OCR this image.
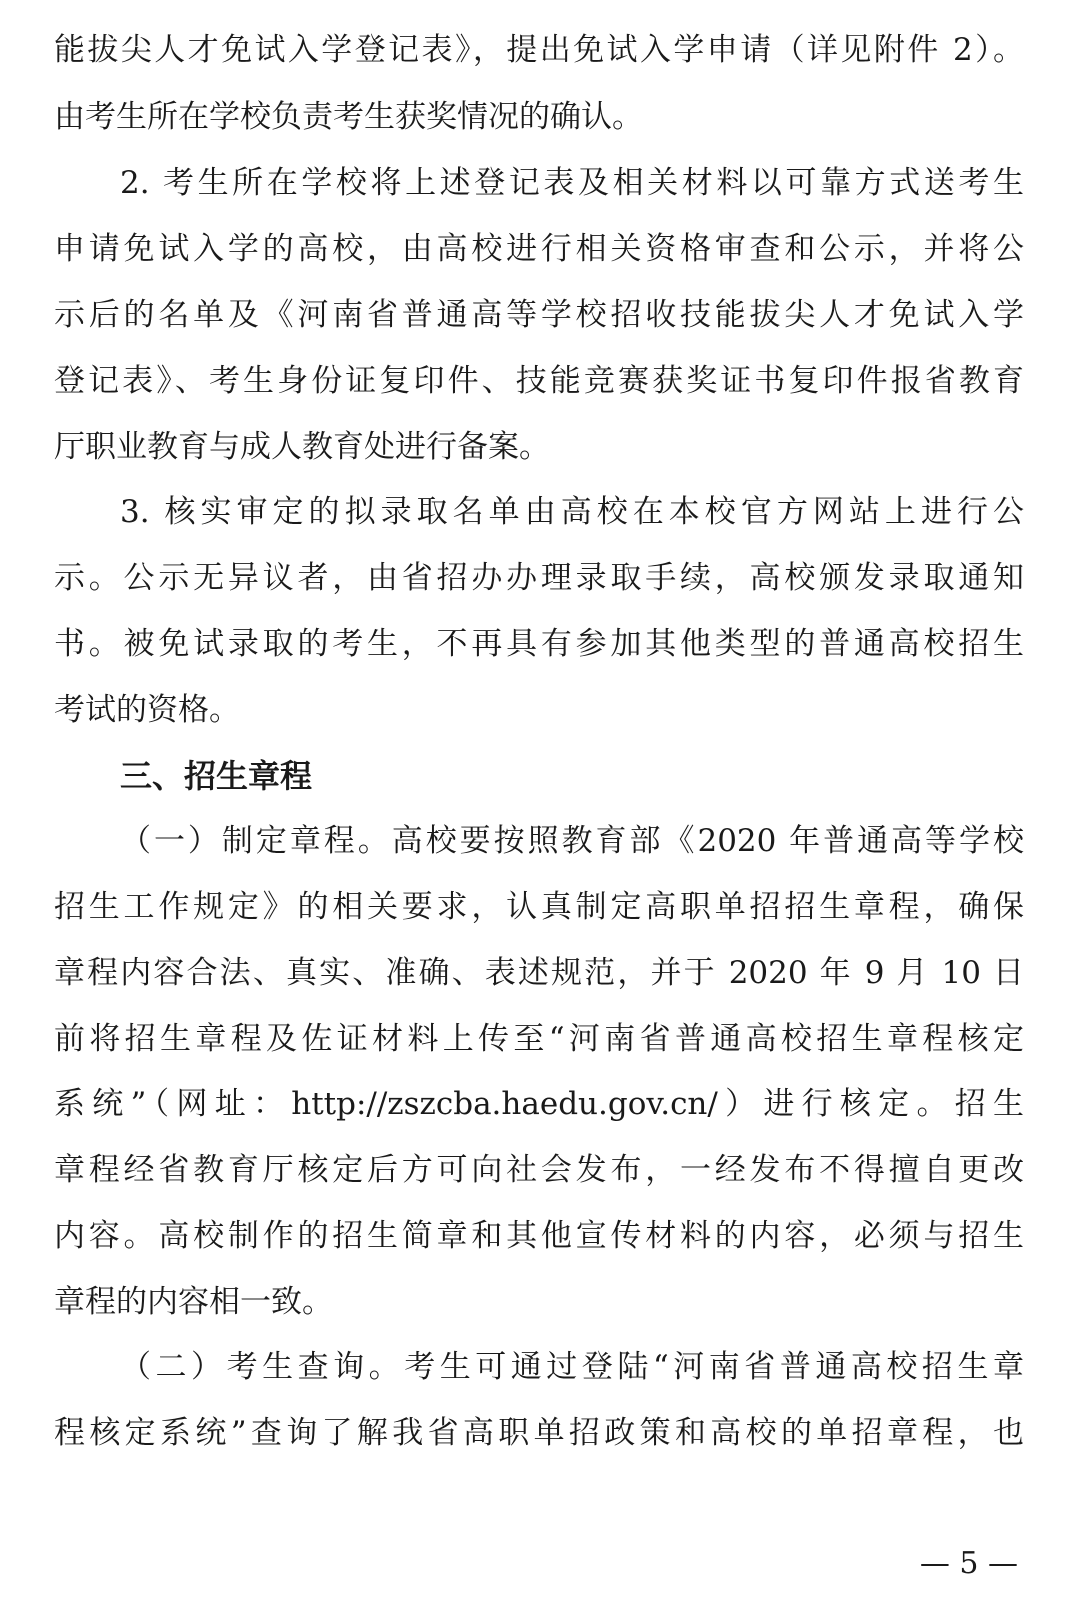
能拔尖人才免试入学登记表》，提出免试入学申请（详见附件 2）。
由考生所在学校负责考生获奖情况的确认。
2. 考生所在学校将上述登记表及相关材料以可靠方式送考生
申请免试入学的高校，由高校进行相关资格审查和公示，并将公
示后的名单及《河南省普通高等学校招收技能拔尖人才免试入学
登记表》、考生身份证复印件、技能竞赛获奖证书复印件报省教育
厅职业教育与成人教育处进行备案。
3. 核实审定的拟录取名单由高校在本校官方网站上进行公
示。公示无异议者，由省招办办理录取手续，高校颁发录取通知
书。被免试录取的考生，不再具有参加其他类型的普通高校招生
考试的资格。
三、招生章程
（一）制定章程。高校要按照教育部《2020 年普通高等学校
招生工作规定》的相关要求，认真制定高职单招招生章程，确保
章程内容合法、真实、准确、表述规范，并于 2020 年 9 月 10 日
前将招生章程及佐证材料上传至“河南省普通高校招生章程核定
系统”（网址：http://zszcba.haedu.gov.cn/）进行核定。招生
章程经省教育厅核定后方可向社会发布，一经发布不得擅自更改
内容。高校制作的招生简章和其他宣传材料的内容，必须与招生
章程的内容相一致。
（二）考生查询。考生可通过登陆“河南省普通高校招生章
程核定系统”查询了解我省高职单招政策和高校的单招章程，也
— 5 —
